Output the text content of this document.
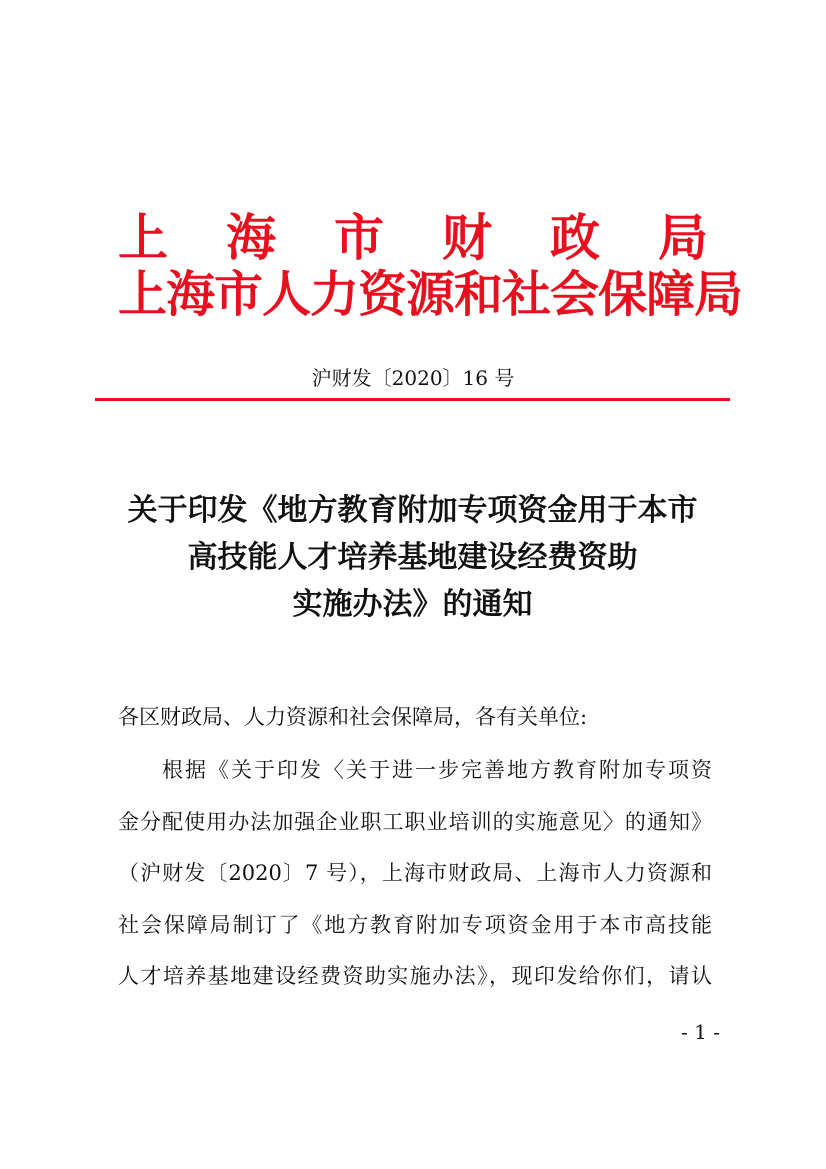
上 海 市 财 政 局
上海市人力资源和社会保障局
沪财发〔2020〕16 号
关于印发《地方教育附加专项资金用于本市
高技能人才培养基地建设经费资助
实施办法》的通知
各区财政局、人力资源和社会保障局，各有关单位:
根据《关于印发〈关于进一步完善地方教育附加专项资
金分配使用办法加强企业职工职业培训的实施意见〉的通知》
（沪财发〔2020〕7 号），上海市财政局、上海市人力资源和
社会保障局制订了《地方教育附加专项资金用于本市高技能
人才培养基地建设经费资助实施办法》，现印发给你们，请认
- 1 -
